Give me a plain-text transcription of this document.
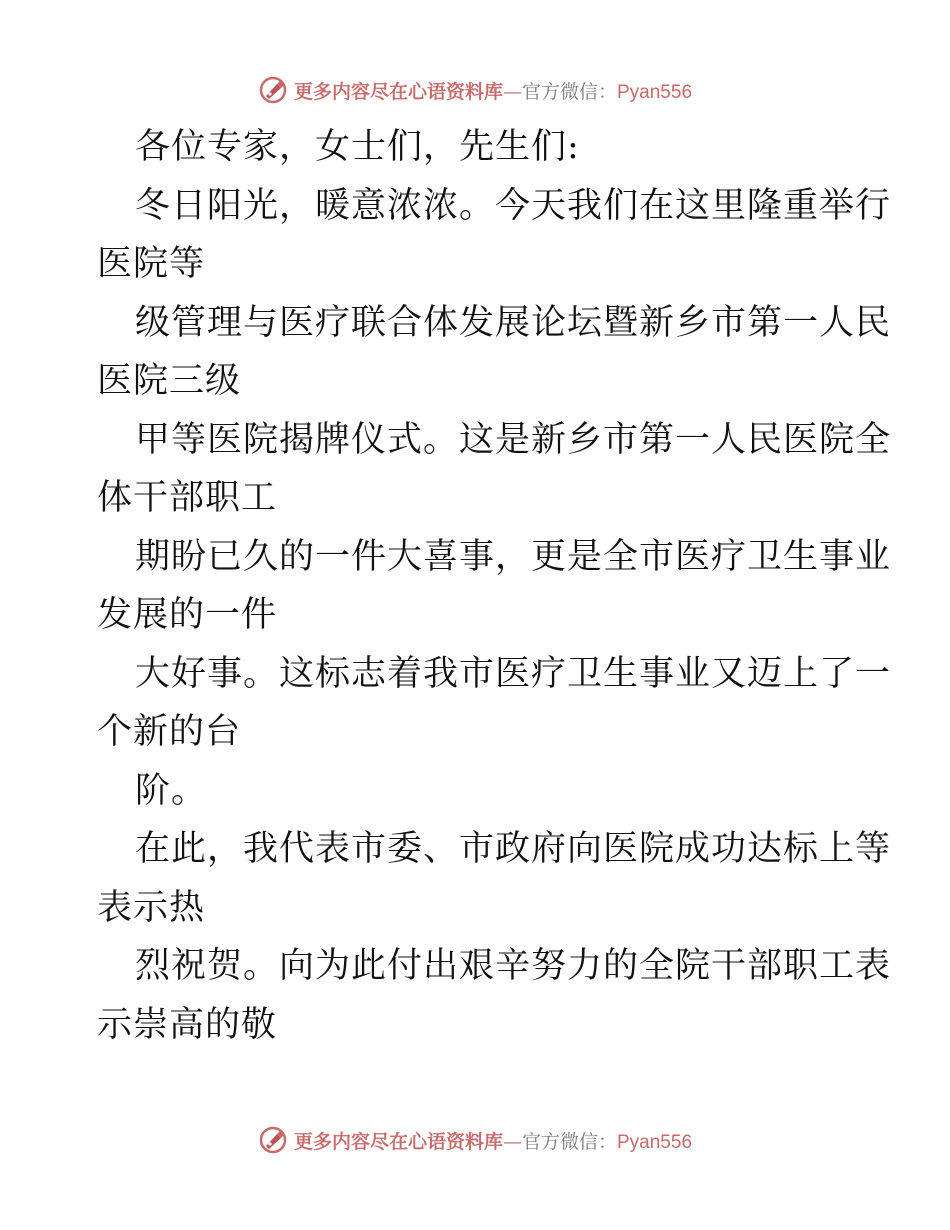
更多内容尽在心语资料库—官方微信：Pyan556
各位专家，女士们，先生们:
冬日阳光，暖意浓浓。今天我们在这里隆重举行
医院等
级管理与医疗联合体发展论坛暨新乡市第一人民
医院三级
甲等医院揭牌仪式。这是新乡市第一人民医院全
体干部职工
期盼已久的一件大喜事，更是全市医疗卫生事业
发展的一件
大好事。这标志着我市医疗卫生事业又迈上了一
个新的台
阶。
在此，我代表市委、市政府向医院成功达标上等
表示热
烈祝贺。向为此付出艰辛努力的全院干部职工表
示崇高的敬
更多内容尽在心语资料库—官方微信：Pyan556
